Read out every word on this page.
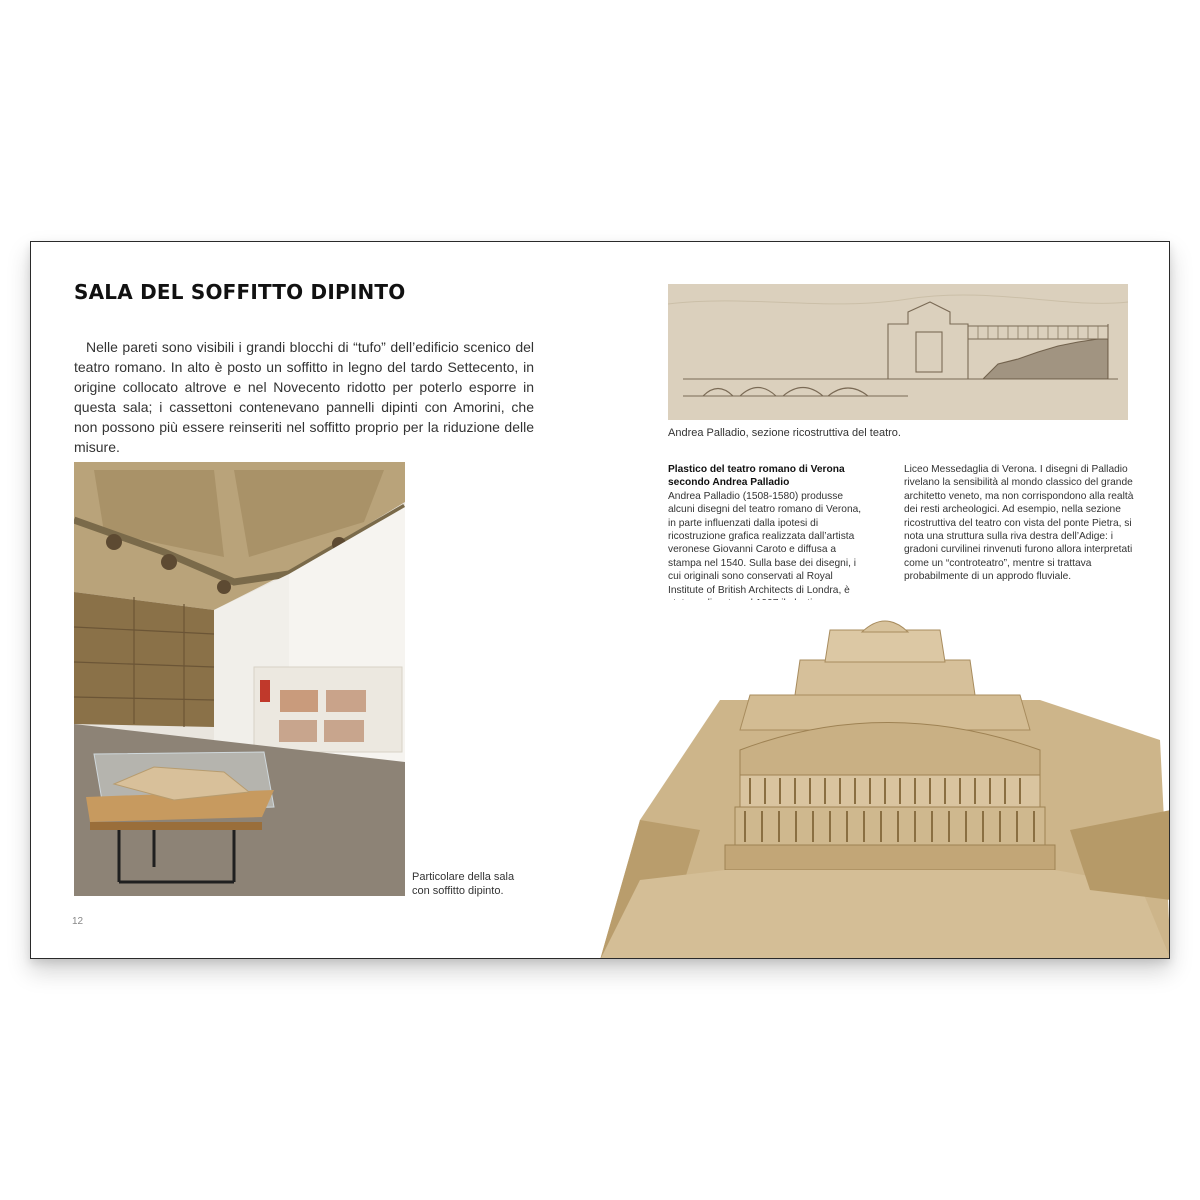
SALA DEL SOFFITTO DIPINTO

Nelle pareti sono visibili i grandi blocchi di “tufo” dell’edificio scenico del teatro romano. In alto è posto un soffitto in legno del tardo Settecento, in origine collocato altrove e nel Novecento ridotto per poterlo esporre in questa sala; i cassettoni contenevano pannelli dipinti con Amorini, che non possono più essere reinseriti nel soffitto proprio per la riduzione delle misure.

Particolare della sala
con soffitto dipinto.

12

Andrea Palladio, sezione ricostruttiva del teatro.

Plastico del teatro romano di Verona
secondo Andrea Palladio

Andrea Palladio (1508-1580) produsse alcuni disegni del teatro romano di Verona, in parte influenzati dalla ipotesi di ricostruzione grafica realizzata dall’artista veronese Giovanni Caroto e diffusa a stampa nel 1540. Sulla base dei disegni, i cui originali sono conservati al Royal Institute of British Architects di Londra, è

Liceo Messedaglia di Verona. I disegni di Palladio rivelano la sensibilità al mondo classico del grande architetto veneto, ma non corrispondono alla realtà dei resti archeologici. Ad esempio, nella sezione ricostruttiva del teatro con vista del ponte Pietra, si nota una struttura sulla riva destra dell’Adige: i gradoni curvilinei rinvenuti furono allora interpretati come un “controteatro”, mentre si trattava probabilmente di un approdo fluviale.
